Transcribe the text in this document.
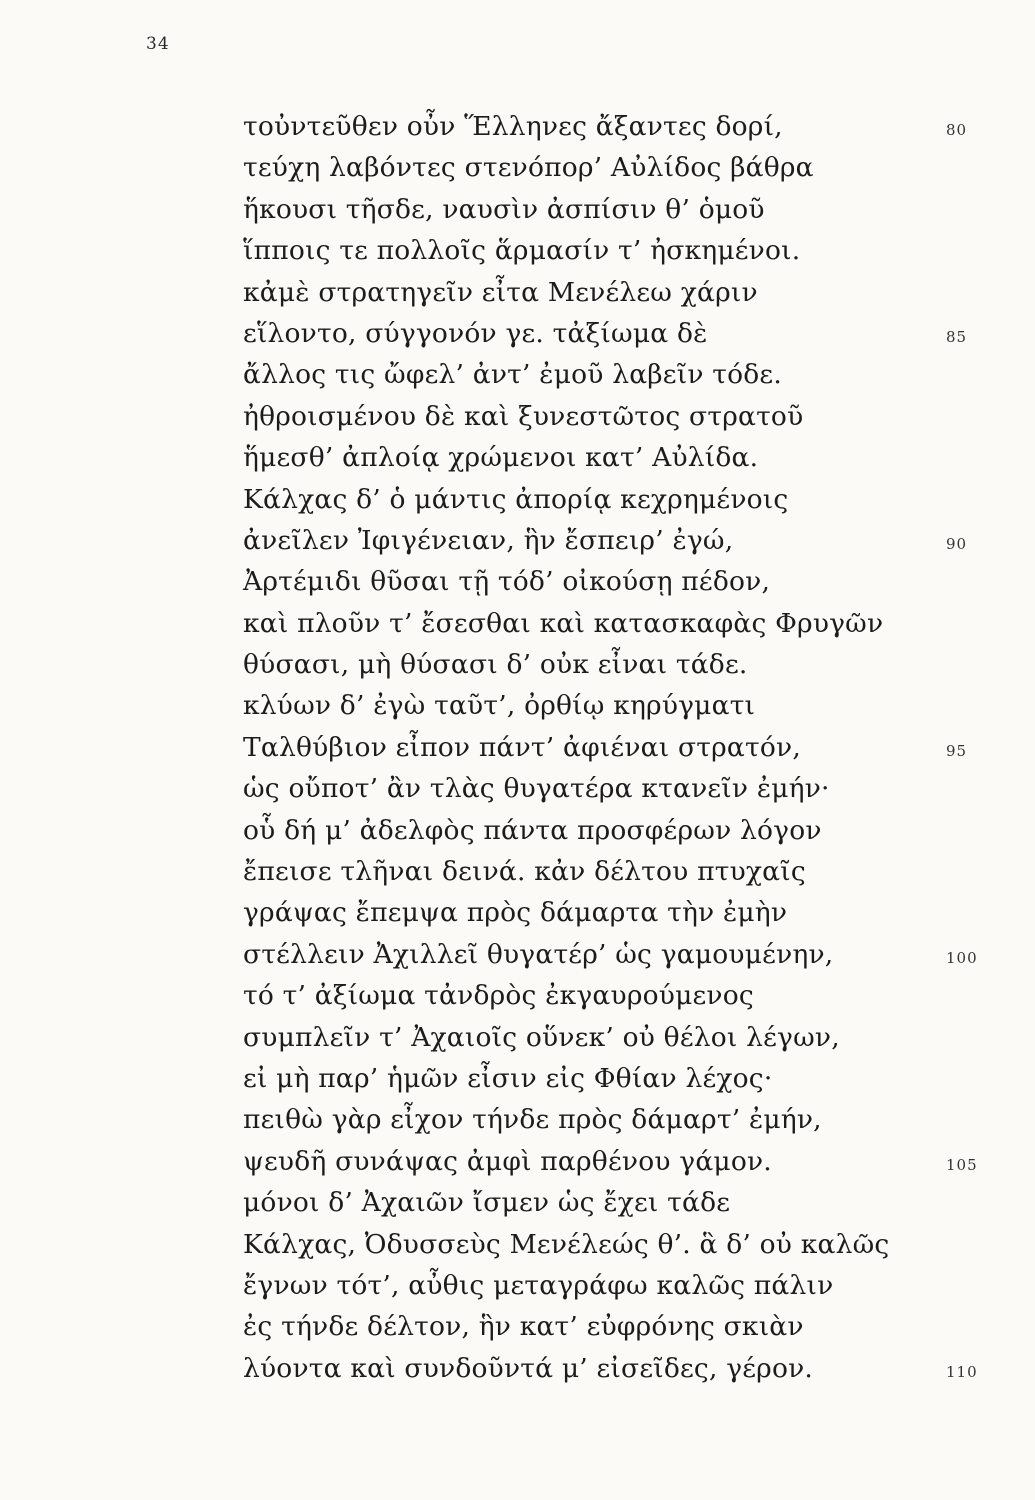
34
τοὐντεῦθεν οὖν Ἕλληνες ἄξαντες δορί,	80
τεύχη λαβόντες στενόπορ’ Αὐλίδος βάθρα
ἥκουσι τῆσδε, ναυσὶν ἀσπίσιν θ’ ὁμοῦ
ἵπποις τε πολλοῖς ἅρμασίν τ’ ἠσκημένοι.
κἀμὲ στρατηγεῖν εἶτα Μενέλεω χάριν
εἵλοντο, σύγγονόν γε. τἀξίωμα δὲ	85
ἄλλος τις ὤφελ’ ἀντ’ ἐμοῦ λαβεῖν τόδε.
ἠθροισμένου δὲ καὶ ξυνεστῶτος στρατοῦ
ἥμεσθ’ ἀπλοίᾳ χρώμενοι κατ’ Αὐλίδα.
Κάλχας δ’ ὁ μάντις ἀπορίᾳ κεχρημένοις
ἀνεῖλεν Ἰφιγένειαν, ἣν ἔσπειρ’ ἐγώ,	90
Ἀρτέμιδι θῦσαι τῇ τόδ’ οἰκούσῃ πέδον,
καὶ πλοῦν τ’ ἔσεσθαι καὶ κατασκαφὰς Φρυγῶν
θύσασι, μὴ θύσασι δ’ οὐκ εἶναι τάδε.
κλύων δ’ ἐγὼ ταῦτ’, ὀρθίῳ κηρύγματι
Ταλθύβιον εἶπον πάντ’ ἀφιέναι στρατόν,	95
ὡς οὔποτ’ ἂν τλὰς θυγατέρα κτανεῖν ἐμήν·
οὗ δή μ’ ἀδελφὸς πάντα προσφέρων λόγον
ἔπεισε τλῆναι δεινά. κἀν δέλτου πτυχαῖς
γράψας ἔπεμψα πρὸς δάμαρτα τὴν ἐμὴν
στέλλειν Ἀχιλλεῖ θυγατέρ’ ὡς γαμουμένην,	100
τό τ’ ἀξίωμα τἀνδρὸς ἐκγαυρούμενος
συμπλεῖν τ’ Ἀχαιοῖς οὕνεκ’ οὐ θέλοι λέγων,
εἰ μὴ παρ’ ἡμῶν εἶσιν εἰς Φθίαν λέχος·
πειθὼ γὰρ εἶχον τήνδε πρὸς δάμαρτ’ ἐμήν,
ψευδῆ συνάψας ἀμφὶ παρθένου γάμον.	105
μόνοι δ’ Ἀχαιῶν ἴσμεν ὡς ἔχει τάδε
Κάλχας, Ὀδυσσεὺς Μενέλεώς θ’. ἃ δ’ οὐ καλῶς
ἔγνων τότ’, αὖθις μεταγράφω καλῶς πάλιν
ἐς τήνδε δέλτον, ἣν κατ’ εὐφρόνης σκιὰν
λύοντα καὶ συνδοῦντά μ’ εἰσεῖδες, γέρον.	110
